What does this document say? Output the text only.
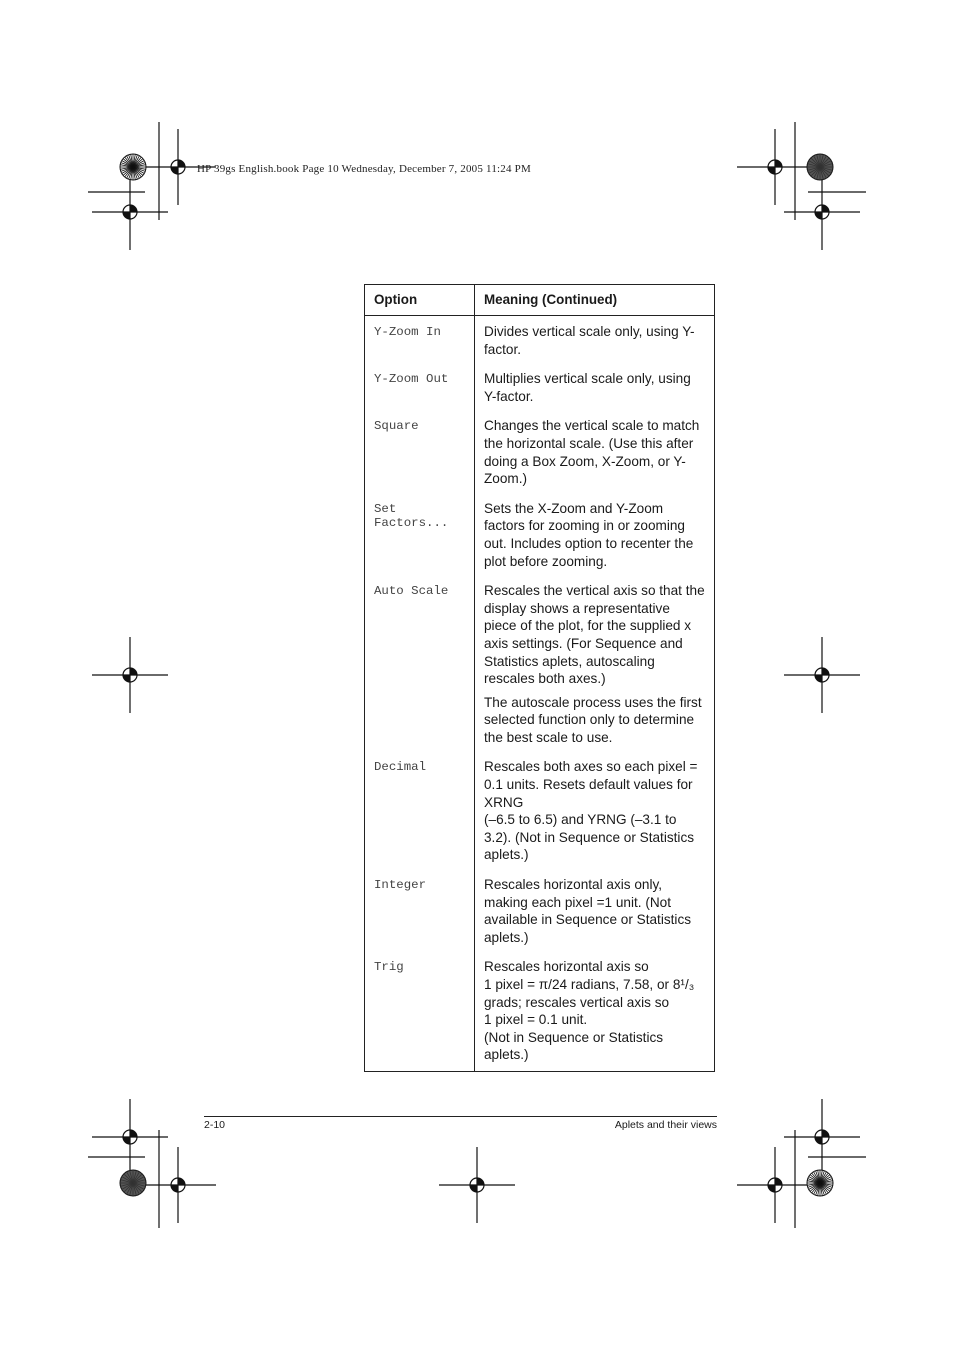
HP 39gs English.book Page 10 Wednesday, December 7, 2005 11:24 PM
Option	Meaning (Continued)
Y-Zoom In	Divides vertical scale only, using Y-factor.

Y-Zoom Out	Multiplies vertical scale only, using Y-factor.

Square	Changes the vertical scale to match the horizontal scale. (Use this after doing a Box Zoom, X-Zoom, or Y-Zoom.)

Set Factors...	Sets the X-Zoom and Y-Zoom factors for zooming in or zooming out. Includes option to recenter the plot before zooming.

Auto Scale	Rescales the vertical axis so that the display shows a representative piece of the plot, for the supplied x axis settings. (For Sequence and Statistics aplets, autoscaling rescales both axes.)
The autoscale process uses the first selected function only to determine the best scale to use.

Decimal	Rescales both axes so each pixel = 0.1 units. Resets default values for XRNG
(–6.5 to 6.5) and YRNG (–3.1 to 3.2). (Not in Sequence or Statistics aplets.)

Integer	Rescales horizontal axis only, making each pixel =1 unit. (Not available in Sequence or Statistics aplets.)

Trig	Rescales horizontal axis so
1 pixel = π/24 radians, 7.58, or 8¹/₃ grads; rescales vertical axis so
1 pixel = 0.1 unit.
(Not in Sequence or Statistics aplets.)
2-10	Aplets and their views
